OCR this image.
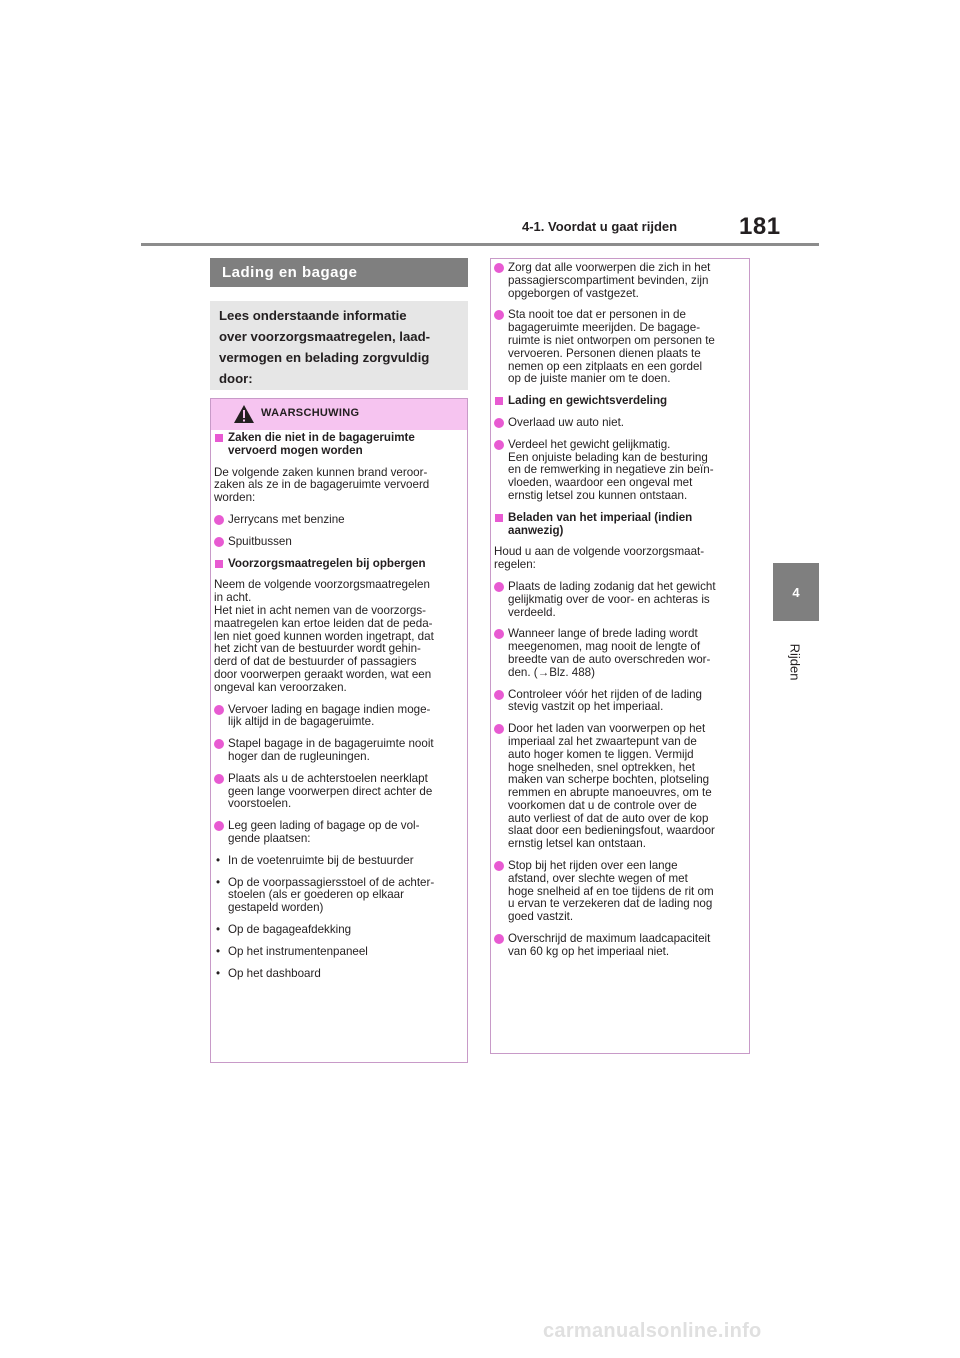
4-1. Voordat u gaat rijden	181
4
Rijden
Lading en bagage
Lees onderstaande informatie
over voorzorgsmaatregelen, laad-
vermogen en belading zorgvuldig
door:
WAARSCHUWING
Zaken die niet in de bagageruimte
vervoerd mogen worden
De volgende zaken kunnen brand veroor-
zaken als ze in de bagageruimte vervoerd
worden:
Jerrycans met benzine
Spuitbussen
Voorzorgsmaatregelen bij opbergen
Neem de volgende voorzorgsmaatregelen
in acht.
Het niet in acht nemen van de voorzorgs-
maatregelen kan ertoe leiden dat de peda-
len niet goed kunnen worden ingetrapt, dat
het zicht van de bestuurder wordt gehin-
derd of dat de bestuurder of passagiers
door voorwerpen geraakt worden, wat een
ongeval kan veroorzaken.
Vervoer lading en bagage indien moge-
lijk altijd in de bagageruimte.
Stapel bagage in de bagageruimte nooit
hoger dan de rugleuningen.
Plaats als u de achterstoelen neerklapt
geen lange voorwerpen direct achter de
voorstoelen.
Leg geen lading of bagage op de vol-
gende plaatsen:
• In de voetenruimte bij de bestuurder
• Op de voorpassagiersstoel of de achter-
stoelen (als er goederen op elkaar
gestapeld worden)
• Op de bagageafdekking
• Op het instrumentenpaneel
• Op het dashboard
Zorg dat alle voorwerpen die zich in het
passagierscompartiment bevinden, zijn
opgeborgen of vastgezet.
Sta nooit toe dat er personen in de
bagageruimte meerijden. De bagage-
ruimte is niet ontworpen om personen te
vervoeren. Personen dienen plaats te
nemen op een zitplaats en een gordel
op de juiste manier om te doen.
Lading en gewichtsverdeling
Overlaad uw auto niet.
Verdeel het gewicht gelijkmatig.
Een onjuiste belading kan de besturing
en de remwerking in negatieve zin beïn-
vloeden, waardoor een ongeval met
ernstig letsel zou kunnen ontstaan.
Beladen van het imperiaal (indien
aanwezig)
Houd u aan de volgende voorzorgsmaat-
regelen:
Plaats de lading zodanig dat het gewicht
gelijkmatig over de voor- en achteras is
verdeeld.
Wanneer lange of brede lading wordt
meegenomen, mag nooit de lengte of
breedte van de auto overschreden wor-
den. (→Blz. 488)
Controleer vóór het rijden of de lading
stevig vastzit op het imperiaal.
Door het laden van voorwerpen op het
imperiaal zal het zwaartepunt van de
auto hoger komen te liggen. Vermijd
hoge snelheden, snel optrekken, het
maken van scherpe bochten, plotseling
remmen en abrupte manoeuvres, om te
voorkomen dat u de controle over de
auto verliest of dat de auto over de kop
slaat door een bedieningsfout, waardoor
ernstig letsel kan ontstaan.
Stop bij het rijden over een lange
afstand, over slechte wegen of met
hoge snelheid af en toe tijdens de rit om
u ervan te verzekeren dat de lading nog
goed vastzit.
Overschrijd de maximum laadcapaciteit
van 60 kg op het imperiaal niet.
carmanualsonline.info
